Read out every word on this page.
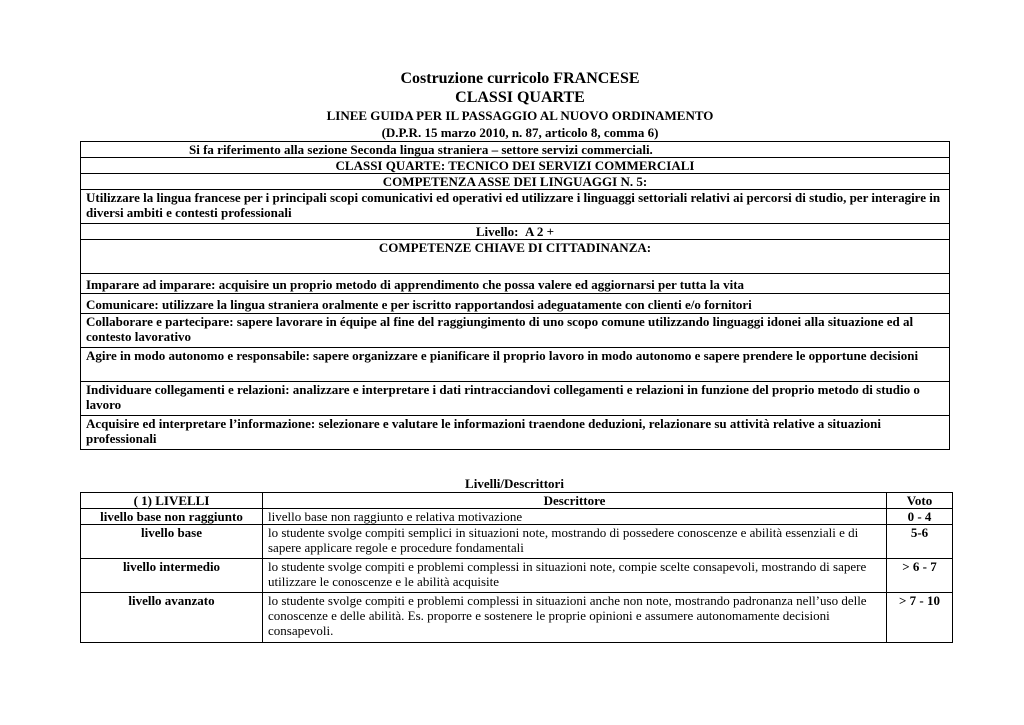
Costruzione curricolo FRANCESE
CLASSI QUARTE
LINEE GUIDA PER IL PASSAGGIO AL NUOVO ORDINAMENTO
(D.P.R. 15 marzo 2010, n. 87, articolo 8, comma 6)
Si fa riferimento alla sezione Seconda lingua straniera – settore servizi commerciali.
CLASSI QUARTE: TECNICO DEI SERVIZI COMMERCIALI
COMPETENZA ASSE DEI LINGUAGGI N. 5:
Utilizzare la lingua francese per i principali scopi comunicativi ed operativi ed utilizzare i linguaggi settoriali relativi ai percorsi di studio, per interagire in diversi ambiti e contesti professionali
Livello: A 2 +
COMPETENZE CHIAVE DI CITTADINANZA:
Imparare ad imparare: acquisire un proprio metodo di apprendimento che possa valere ed aggiornarsi per tutta la vita
Comunicare: utilizzare la lingua straniera oralmente e per iscritto rapportandosi adeguatamente con clienti e/o fornitori
Collaborare e partecipare: sapere lavorare in équipe al fine del raggiungimento di uno scopo comune utilizzando linguaggi idonei alla situazione ed al contesto lavorativo
Agire in modo autonomo e responsabile: sapere organizzare e pianificare il proprio lavoro in modo autonomo e sapere prendere le opportune decisioni
Individuare collegamenti e relazioni: analizzare e interpretare i dati rintracciandovi collegamenti e relazioni in funzione del proprio metodo di studio o lavoro
Acquisire ed interpretare l’informazione: selezionare e valutare le informazioni traendone deduzioni, relazionare su attività relative a situazioni professionali
Livelli/Descrittori
( 1) LIVELLI	Descrittore	Voto
livello base non raggiunto	livello base non raggiunto e relativa motivazione	0 - 4
livello base	lo studente svolge compiti semplici in situazioni note, mostrando di possedere conoscenze e abilità essenziali e di sapere applicare regole e procedure fondamentali	5-6
livello intermedio	lo studente svolge compiti e problemi complessi in situazioni note, compie scelte consapevoli, mostrando di sapere utilizzare le conoscenze e le abilità acquisite	> 6 - 7
livello avanzato	lo studente svolge compiti e problemi complessi in situazioni anche non note, mostrando padronanza nell’uso delle conoscenze e delle abilità. Es. proporre e sostenere le proprie opinioni e assumere autonomamente decisioni consapevoli.	> 7 - 10
